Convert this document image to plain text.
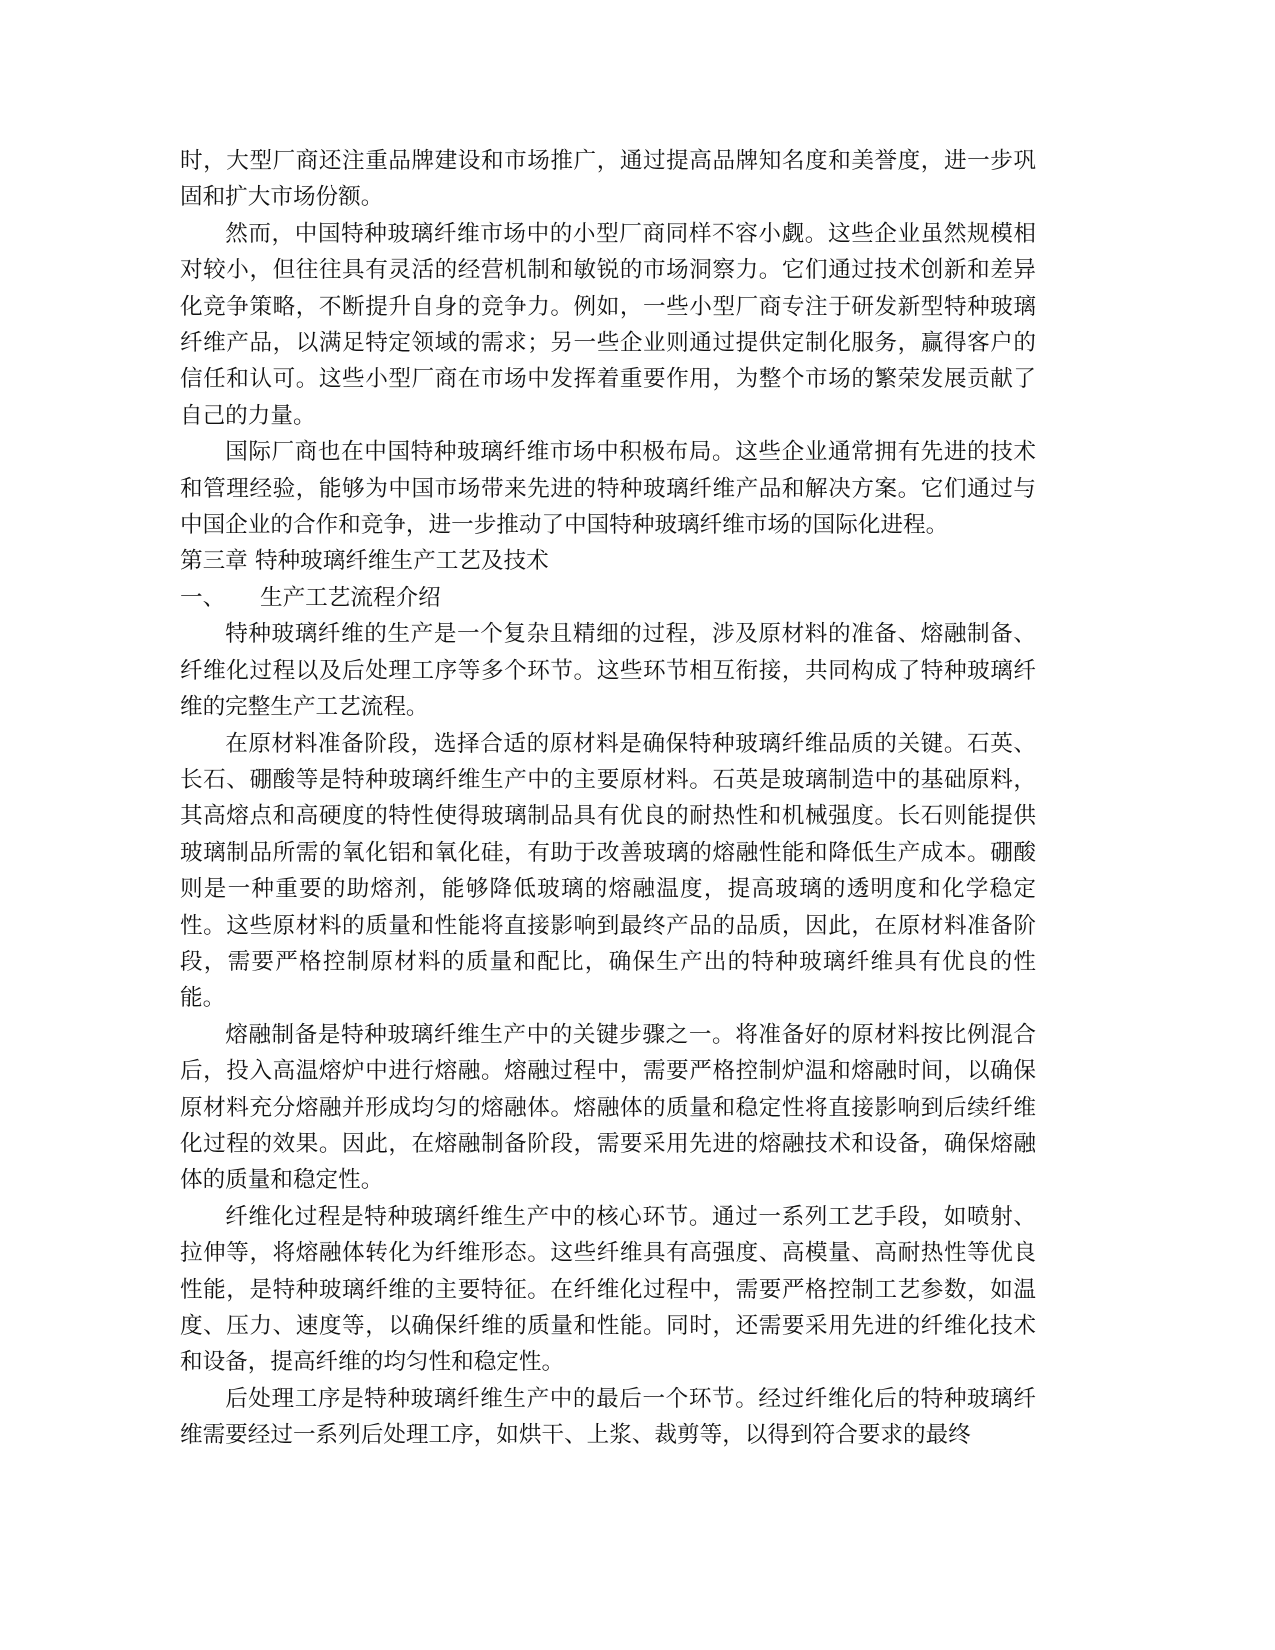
时，大型厂商还注重品牌建设和市场推广，通过提高品牌知名度和美誉度，进一步巩固和扩大市场份额。

然而，中国特种玻璃纤维市场中的小型厂商同样不容小觑。这些企业虽然规模相对较小，但往往具有灵活的经营机制和敏锐的市场洞察力。它们通过技术创新和差异化竞争策略，不断提升自身的竞争力。例如，一些小型厂商专注于研发新型特种玻璃纤维产品，以满足特定领域的需求；另一些企业则通过提供定制化服务，赢得客户的信任和认可。这些小型厂商在市场中发挥着重要作用，为整个市场的繁荣发展贡献了自己的力量。

国际厂商也在中国特种玻璃纤维市场中积极布局。这些企业通常拥有先进的技术和管理经验，能够为中国市场带来先进的特种玻璃纤维产品和解决方案。它们通过与中国企业的合作和竞争，进一步推动了中国特种玻璃纤维市场的国际化进程。

第三章 特种玻璃纤维生产工艺及技术

一、 生产工艺流程介绍

特种玻璃纤维的生产是一个复杂且精细的过程，涉及原材料的准备、熔融制备、纤维化过程以及后处理工序等多个环节。这些环节相互衔接，共同构成了特种玻璃纤维的完整生产工艺流程。

在原材料准备阶段，选择合适的原材料是确保特种玻璃纤维品质的关键。石英、长石、硼酸等是特种玻璃纤维生产中的主要原材料。石英是玻璃制造中的基础原料，其高熔点和高硬度的特性使得玻璃制品具有优良的耐热性和机械强度。长石则能提供玻璃制品所需的氧化铝和氧化硅，有助于改善玻璃的熔融性能和降低生产成本。硼酸则是一种重要的助熔剂，能够降低玻璃的熔融温度，提高玻璃的透明度和化学稳定性。这些原材料的质量和性能将直接影响到最终产品的品质，因此，在原材料准备阶段，需要严格控制原材料的质量和配比，确保生产出的特种玻璃纤维具有优良的性能。

熔融制备是特种玻璃纤维生产中的关键步骤之一。将准备好的原材料按比例混合后，投入高温熔炉中进行熔融。熔融过程中，需要严格控制炉温和熔融时间，以确保原材料充分熔融并形成均匀的熔融体。熔融体的质量和稳定性将直接影响到后续纤维化过程的效果。因此，在熔融制备阶段，需要采用先进的熔融技术和设备，确保熔融体的质量和稳定性。

纤维化过程是特种玻璃纤维生产中的核心环节。通过一系列工艺手段，如喷射、拉伸等，将熔融体转化为纤维形态。这些纤维具有高强度、高模量、高耐热性等优良性能，是特种玻璃纤维的主要特征。在纤维化过程中，需要严格控制工艺参数，如温度、压力、速度等，以确保纤维的质量和性能。同时，还需要采用先进的纤维化技术和设备，提高纤维的均匀性和稳定性。

后处理工序是特种玻璃纤维生产中的最后一个环节。经过纤维化后的特种玻璃纤维需要经过一系列后处理工序，如烘干、上浆、裁剪等，以得到符合要求的最终
